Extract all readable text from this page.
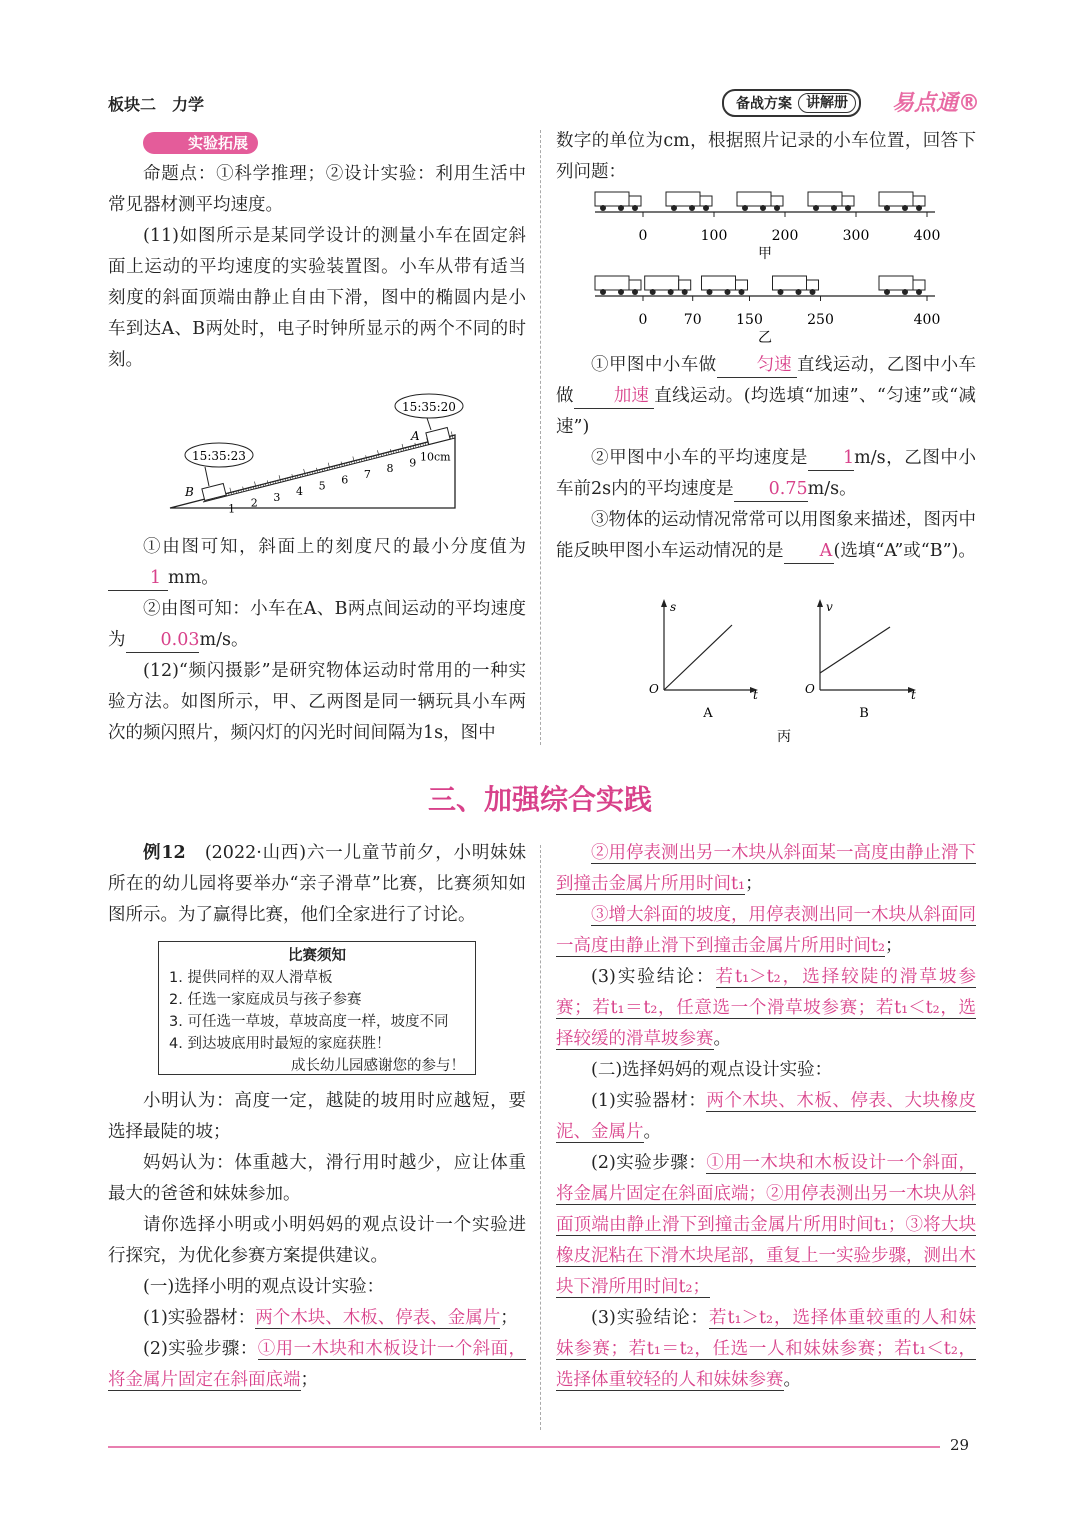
板块二　力学	备战方案	讲解册	易点通®

实验拓展

命题点：①科学推理；②设计实验：利用生活中常见器材测平均速度。

(11)如图所示是某同学设计的测量小车在固定斜面上运动的平均速度的实验装置图。小车从带有适当刻度的斜面顶端由静止自由下滑，图中的椭圆内是小车到达A、B两处时，电子时钟所显示的两个不同的时刻。

1 2 3 4 5 6 7 8 9 10cm
15:35:23
15:35:20
B
A

①由图可知，斜面上的刻度尺的最小分度值为1 mm。

②由图可知：小车在A、B两点间运动的平均速度为 0.03m/s。

(12)“频闪摄影”是研究物体运动时常用的一种实验方法。如图所示，甲、乙两图是同一辆玩具小车两次的频闪照片，频闪灯的闪光时间间隔为1s，图中

数字的单位为cm，根据照片记录的小车位置，回答下列问题：

0	100	200	300	400
甲
0	70 150	250	400
乙

①甲图中小车做 匀速 直线运动，乙图中小车做 加速 直线运动。(均选填“加速”、“匀速”或“减速”)

②甲图中小车的平均速度是 1m/s，乙图中小车前2s内的平均速度是 0.75m/s。

③物体的运动情况常常可以用图象来描述，图丙中能反映甲图小车运动情况的是 A(选填“A”或“B”)。

s
t
O
A
v
t
O
B
丙
三、加强综合实践

例12　 (2022·山西)六一儿童节前夕，小明妹妹所在的幼儿园将要举办“亲子滑草”比赛，比赛须知如图所示。为了赢得比赛，他们全家进行了讨论。

比赛须知
1. 提供同样的双人滑草板
2. 任选一家庭成员与孩子参赛
3. 可任选一草坡，草坡高度一样，坡度不同
4. 到达坡底用时最短的家庭获胜！
成长幼儿园感谢您的参与！

小明认为：高度一定，越陡的坡用时应越短，要选择最陡的坡；

妈妈认为：体重越大，滑行用时越少，应让体重最大的爸爸和妹妹参加。

请你选择小明或小明妈妈的观点设计一个实验进行探究，为优化参赛方案提供建议。

(一)选择小明的观点设计实验：

(1)实验器材：两个木块、木板、停表、金属片；

(2)实验步骤：①用一木块和木板设计一个斜面，将金属片固定在斜面底端；

②用停表测出另一木块从斜面某一高度由静止滑下到撞击金属片所用时间t₁；

③增大斜面的坡度，用停表测出同一木块从斜面同一高度由静止滑下到撞击金属片所用时间t₂；

(3)实验结论：若t₁＞t₂，选择较陡的滑草坡参赛；若t₁＝t₂，任意选一个滑草坡参赛；若t₁＜t₂，选择较缓的滑草坡参赛。

(二)选择妈妈的观点设计实验：

(1)实验器材：两个木块、木板、停表、大块橡皮泥、金属片。

(2)实验步骤：①用一木块和木板设计一个斜面，将金属片固定在斜面底端；②用停表测出另一木块从斜面顶端由静止滑下到撞击金属片所用时间t₁；③将大块橡皮泥粘在下滑木块尾部，重复上一实验步骤，测出木块下滑所用时间t₂；

(3)实验结论：若t₁＞t₂，选择体重较重的人和妹妹参赛；若t₁＝t₂，任选一人和妹妹参赛；若t₁＜t₂，选择体重较轻的人和妹妹参赛。

29
